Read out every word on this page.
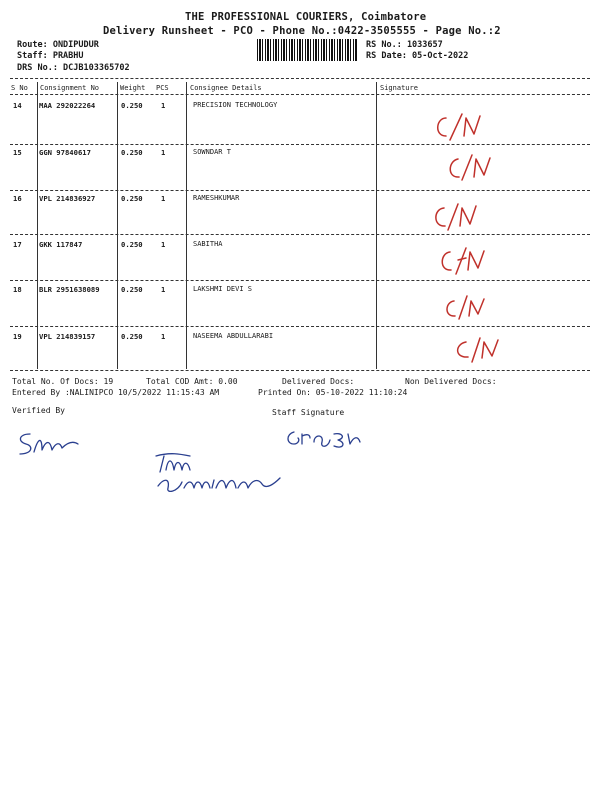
THE PROFESSIONAL COURIERS, Coimbatore
Delivery Runsheet - PCO - Phone No.:0422-3505555 - Page No.:2
Route: ONDIPUDUR
Staff: PRABHU
DRS No.: DCJB103365702
RS No.: 1033657
RS Date: 05-Oct-2022
S No Consignment No	Weight PCS	Consignee Details	Signature
14 MAA 292022264	0.250	1	PRECISION TECHNOLOGY
15 GGN 97840617	0.250	1	SOWNDAR T
16 VPL 214836927	0.250	1	RAMESHKUMAR
17 GKK 117847	0.250	1	SABITHA
18 BLR 2951638089	0.250	1	LAKSHMI DEVI S
19 VPL 214839157	0.250	1	NASEEMA ABDULLARABI
Total No. Of Docs: 19	Total COD Amt: 0.00	Delivered Docs:	Non Delivered Docs:
Entered By :NALINIPCO 10/5/2022 11:15:43 AM	Printed On: 05-10-2022 11:10:24
Verified By	Staff Signature
